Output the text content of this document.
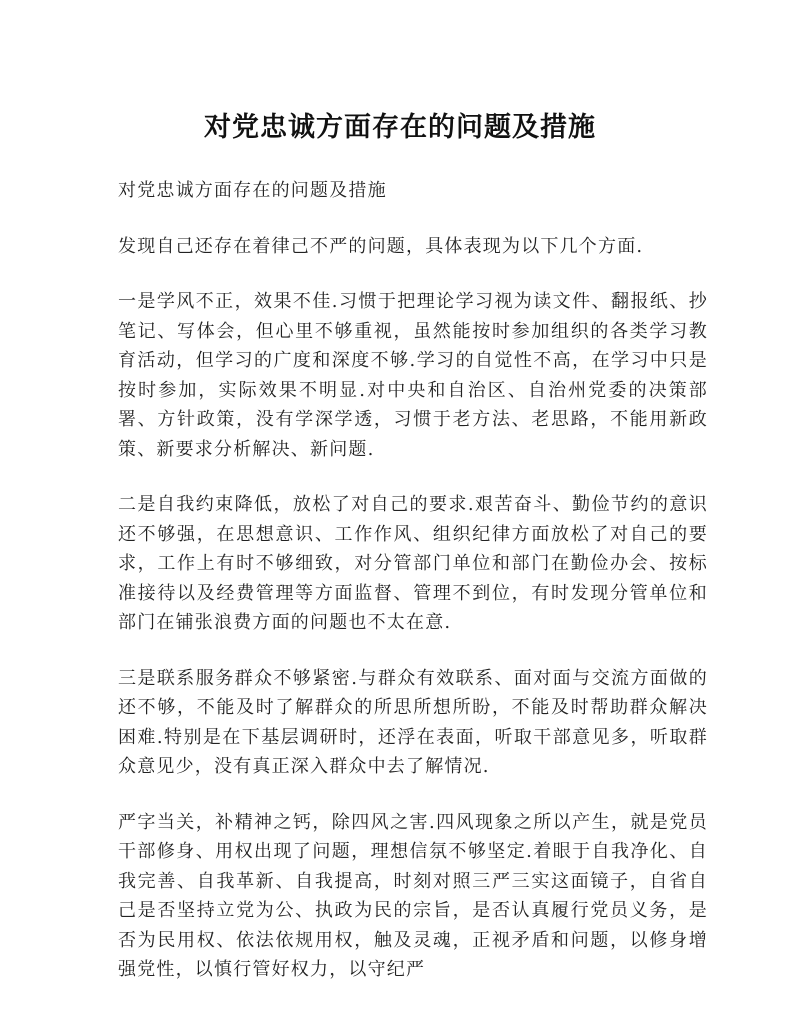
对党忠诚方面存在的问题及措施

对党忠诚方面存在的问题及措施

发现自己还存在着律己不严的问题，具体表现为以下几个方面.

一是学风不正，效果不佳.习惯于把理论学习视为读文件、翻报纸、抄笔记、写体会，但心里不够重视，虽然能按时参加组织的各类学习教育活动，但学习的广度和深度不够.学习的自觉性不高，在学习中只是按时参加，实际效果不明显.对中央和自治区、自治州党委的决策部署、方针政策，没有学深学透，习惯于老方法、老思路，不能用新政策、新要求分析解决、新问题.

二是自我约束降低，放松了对自己的要求.艰苦奋斗、勤俭节约的意识还不够强，在思想意识、工作作风、组织纪律方面放松了对自己的要求，工作上有时不够细致，对分管部门单位和部门在勤俭办会、按标准接待以及经费管理等方面监督、管理不到位，有时发现分管单位和部门在铺张浪费方面的问题也不太在意.

三是联系服务群众不够紧密.与群众有效联系、面对面与交流方面做的还不够，不能及时了解群众的所思所想所盼，不能及时帮助群众解决困难.特别是在下基层调研时，还浮在表面，听取干部意见多，听取群众意见少，没有真正深入群众中去了解情况.

严字当关，补精神之钙，除四风之害.四风现象之所以产生，就是党员干部修身、用权出现了问题，理想信氛不够坚定.着眼于自我净化、自我完善、自我革新、自我提高，时刻对照三严三实这面镜子，自省自己是否坚持立党为公、执政为民的宗旨，是否认真履行党员义务，是否为民用权、依法依规用权，触及灵魂，正视矛盾和问题，以修身增强党性，以慎行管好权力，以守纪严
